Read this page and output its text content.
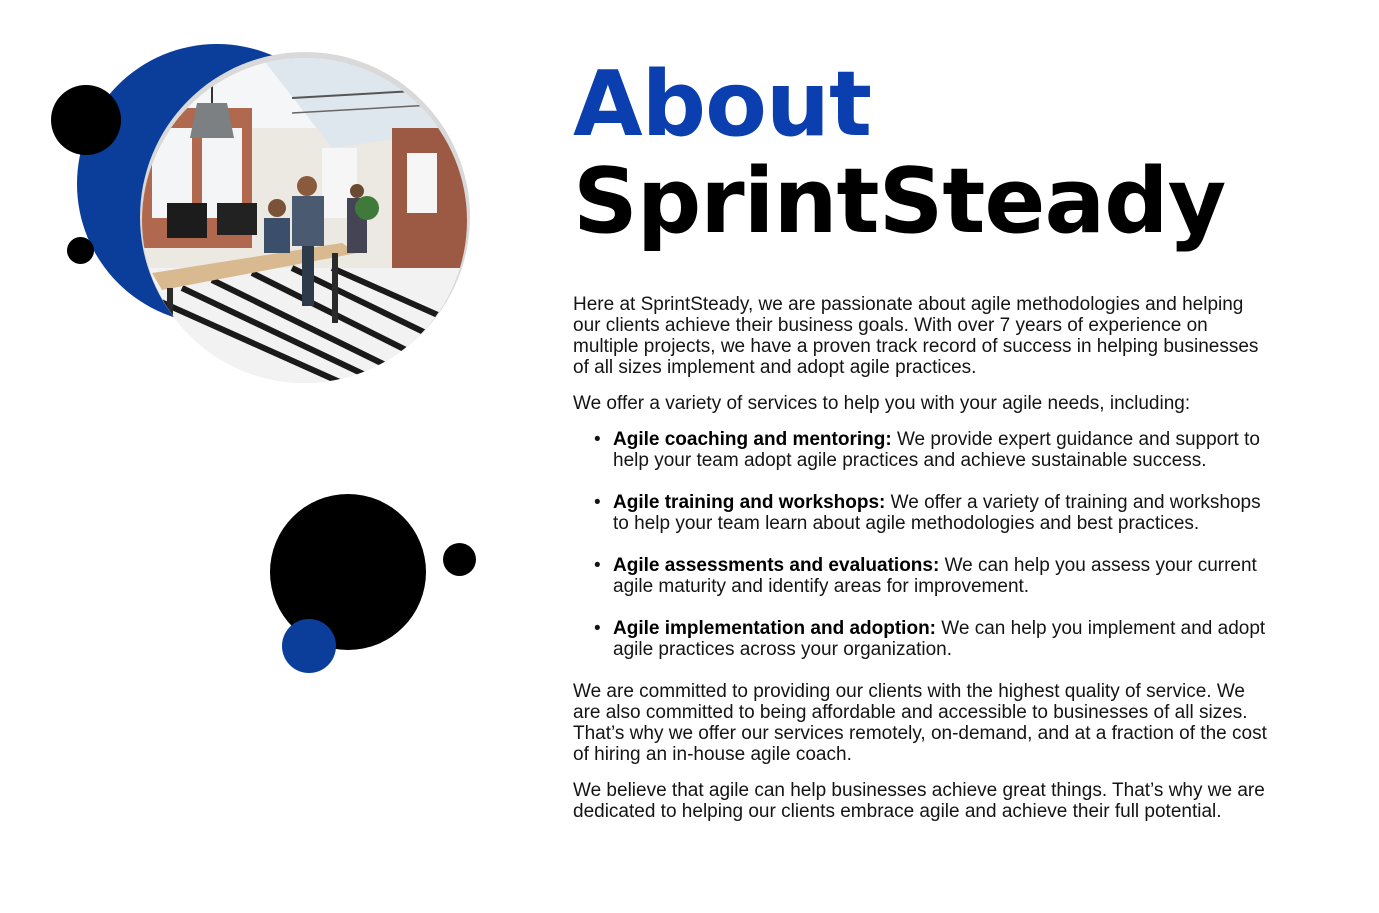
About
SprintSteady

Here at SprintSteady, we are passionate about agile methodologies and helping our clients achieve their business goals. With over 7 years of experience on multiple projects, we have a proven track record of success in helping businesses of all sizes implement and adopt agile practices.

We offer a variety of services to help you with your agile needs, including:

• Agile coaching and mentoring: We provide expert guidance and support to help your team adopt agile practices and achieve sustainable success.
• Agile training and workshops: We offer a variety of training and workshops to help your team learn about agile methodologies and best practices.
• Agile assessments and evaluations: We can help you assess your current agile maturity and identify areas for improvement.
• Agile implementation and adoption: We can help you implement and adopt agile practices across your organization.

We are committed to providing our clients with the highest quality of service. We are also committed to being affordable and accessible to businesses of all sizes. That’s why we offer our services remotely, on-demand, and at a fraction of the cost of hiring an in-house agile coach.

We believe that agile can help businesses achieve great things. That’s why we are dedicated to helping our clients embrace agile and achieve their full potential.
